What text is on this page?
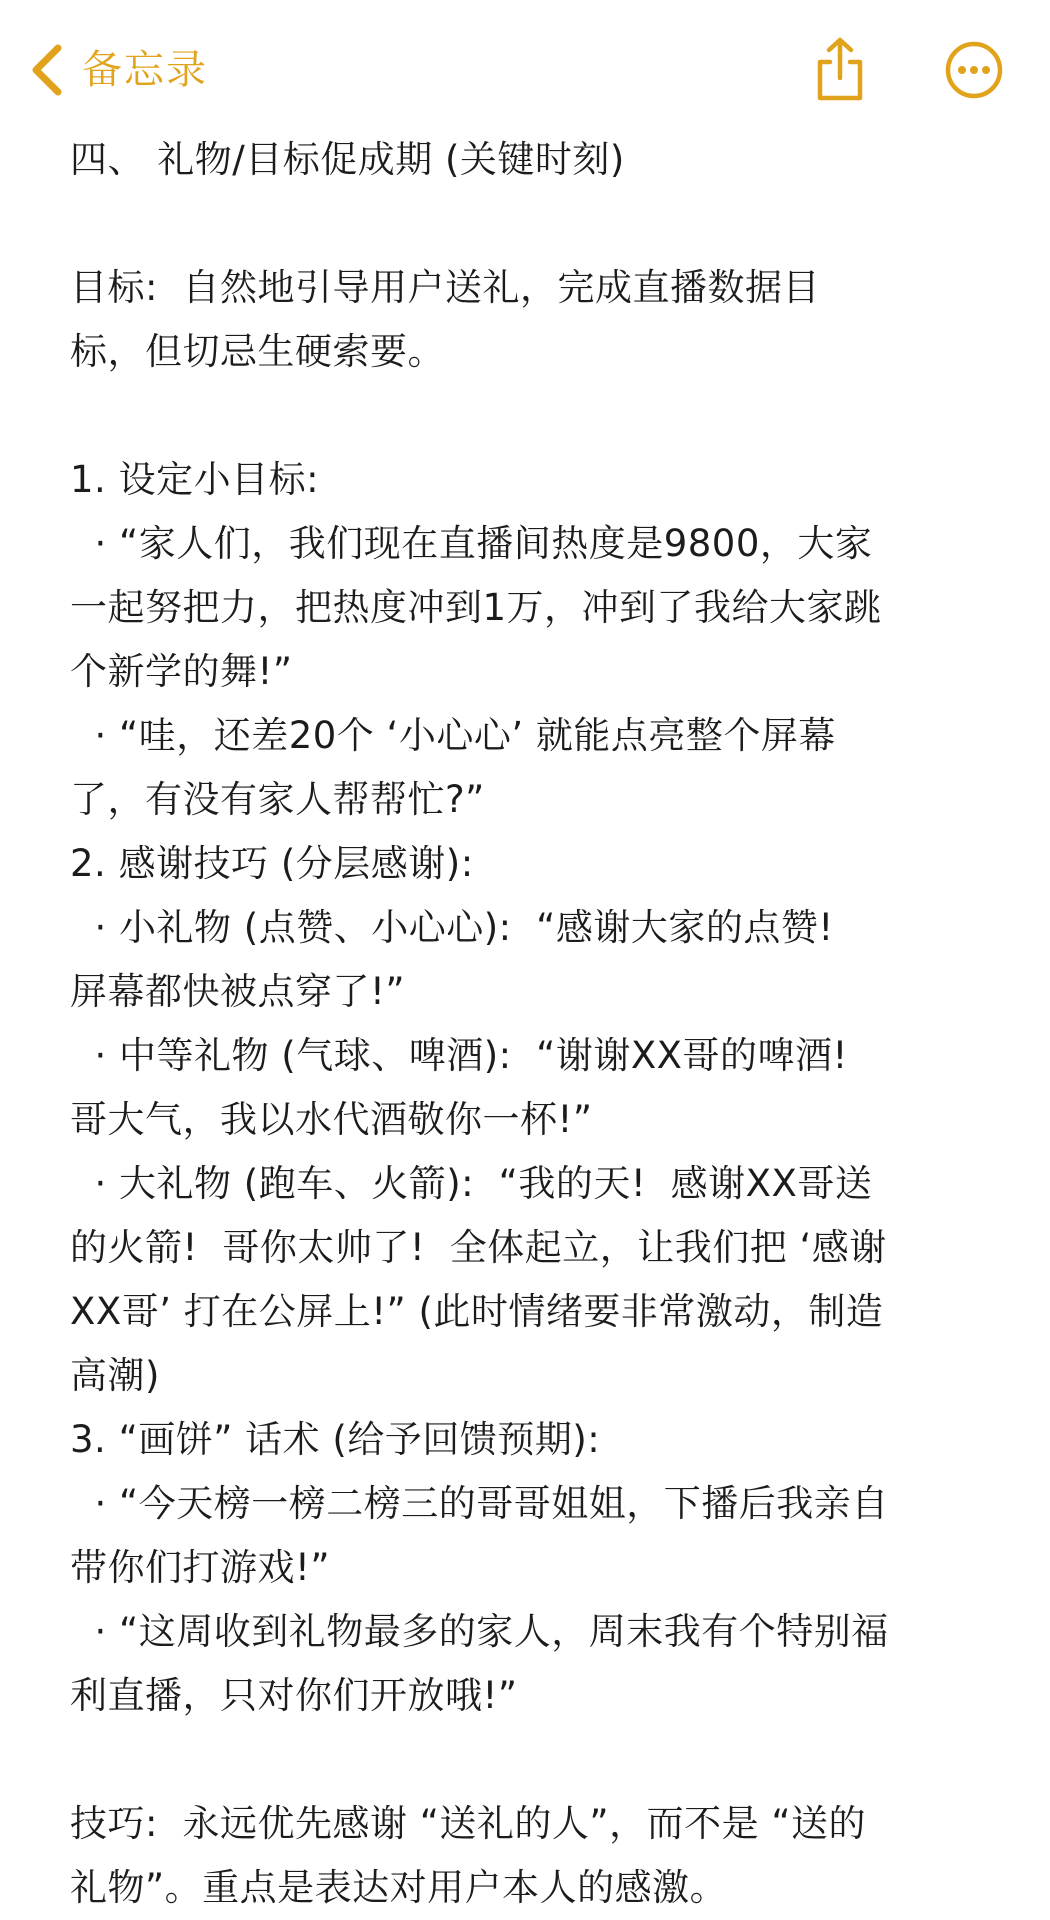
备忘录
四、 礼物/目标促成期 (关键时刻)
目标:  自然地引导用户送礼，完成直播数据目
标，但切忌生硬索要。
1. 设定小目标:
· “家人们，我们现在直播间热度是9800，大家
一起努把力，把热度冲到1万，冲到了我给大家跳
个新学的舞!”
· “哇，还差20个 ‘小心心’ 就能点亮整个屏幕
了，有没有家人帮帮忙?”
2. 感谢技巧 (分层感谢):
· 小礼物 (点赞、小心心):  “感谢大家的点赞!
屏幕都快被点穿了!”
· 中等礼物 (气球、啤酒):  “谢谢XX哥的啤酒!
哥大气，我以水代酒敬你一杯!”
· 大礼物 (跑车、火箭):  “我的天!  感谢XX哥送
的火箭!  哥你太帅了!  全体起立，让我们把 ‘感谢
XX哥’ 打在公屏上!” (此时情绪要非常激动，制造
高潮)
3. “画饼” 话术 (给予回馈预期):
· “今天榜一榜二榜三的哥哥姐姐，下播后我亲自
带你们打游戏!”
· “这周收到礼物最多的家人，周末我有个特别福
利直播，只对你们开放哦!”
技巧:  永远优先感谢 “送礼的人”，而不是 “送的
礼物”。重点是表达对用户本人的感激。
